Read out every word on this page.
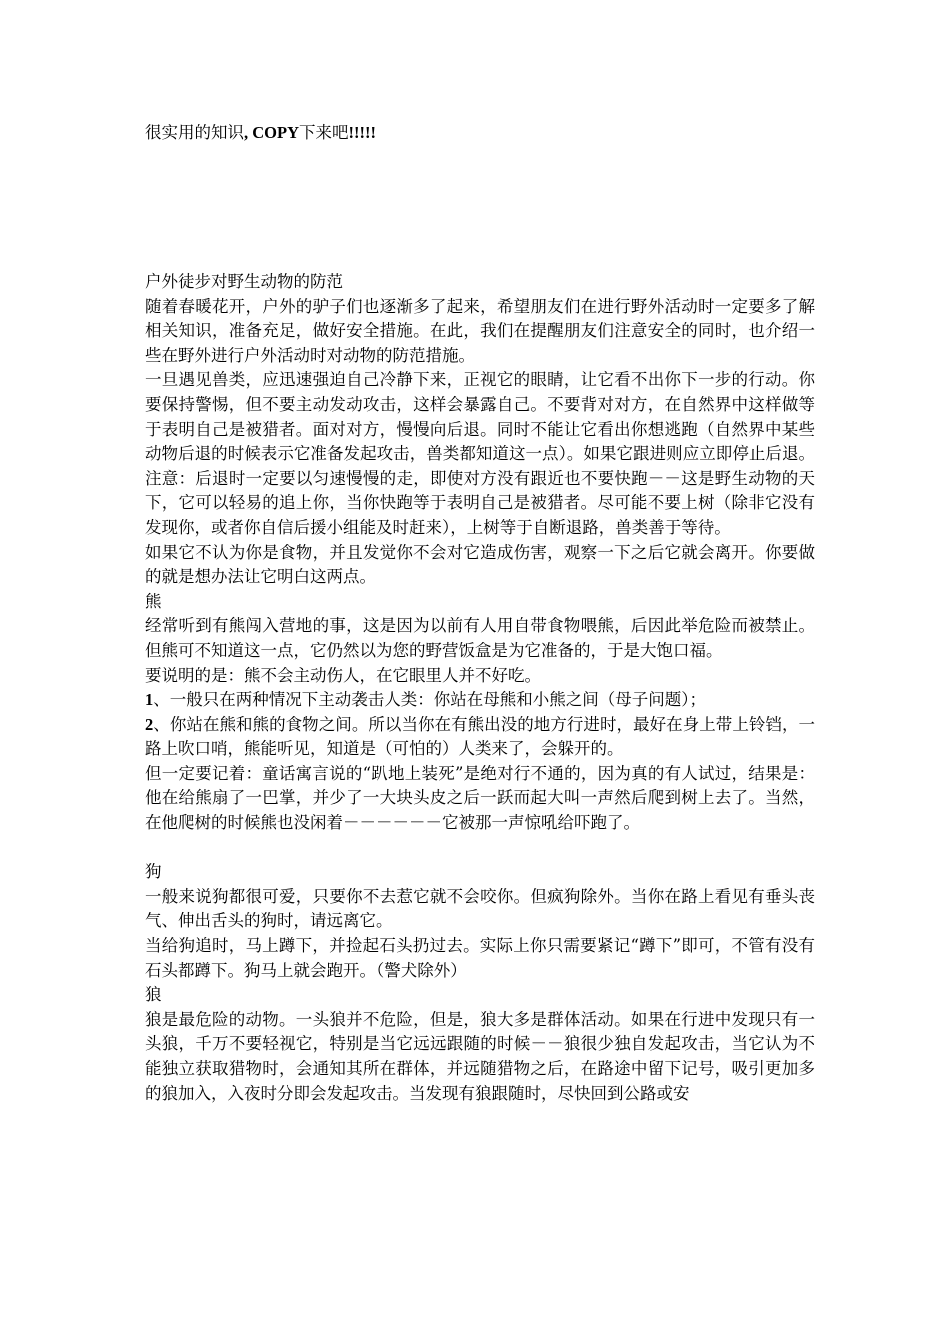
很实用的知识, COPY下来吧!!!!!

户外徒步对野生动物的防范

随着春暖花开，户外的驴子们也逐渐多了起来，希望朋友们在进行野外活动时一定要多了解相关知识，准备充足，做好安全措施。在此，我们在提醒朋友们注意安全的同时，也介绍一些在野外进行户外活动时对动物的防范措施。

一旦遇见兽类，应迅速强迫自己冷静下来，正视它的眼睛，让它看不出你下一步的行动。你要保持警惕，但不要主动发动攻击，这样会暴露自己。不要背对对方，在自然界中这样做等于表明自己是被猎者。面对对方，慢慢向后退。同时不能让它看出你想逃跑（自然界中某些动物后退的时候表示它准备发起攻击，兽类都知道这一点）。如果它跟进则应立即停止后退。注意：后退时一定要以匀速慢慢的走，即使对方没有跟近也不要快跑－－这是野生动物的天下，它可以轻易的追上你，当你快跑等于表明自己是被猎者。尽可能不要上树（除非它没有发现你，或者你自信后援小组能及时赶来），上树等于自断退路，兽类善于等待。

如果它不认为你是食物，并且发觉你不会对它造成伤害，观察一下之后它就会离开。你要做的就是想办法让它明白这两点。

熊

经常听到有熊闯入营地的事，这是因为以前有人用自带食物喂熊，后因此举危险而被禁止。但熊可不知道这一点，它仍然以为您的野营饭盒是为它准备的，于是大饱口福。

要说明的是：熊不会主动伤人，在它眼里人并不好吃。

1、一般只在两种情况下主动袭击人类：你站在母熊和小熊之间（母子问题）；

2、你站在熊和熊的食物之间。所以当你在有熊出没的地方行进时，最好在身上带上铃铛，一路上吹口哨，熊能听见，知道是（可怕的）人类来了，会躲开的。

但一定要记着：童话寓言说的“趴地上装死”是绝对行不通的，因为真的有人试过，结果是：他在给熊扇了一巴掌，并少了一大块头皮之后一跃而起大叫一声然后爬到树上去了。当然，在他爬树的时候熊也没闲着－－－－－－它被那一声惊吼给吓跑了。

狗

一般来说狗都很可爱，只要你不去惹它就不会咬你。但疯狗除外。当你在路上看见有垂头丧气、伸出舌头的狗时，请远离它。

当给狗追时，马上蹲下，并捡起石头扔过去。实际上你只需要紧记“蹲下”即可，不管有没有石头都蹲下。狗马上就会跑开。（警犬除外）

狼

狼是最危险的动物。一头狼并不危险，但是，狼大多是群体活动。如果在行进中发现只有一头狼，千万不要轻视它，特别是当它远远跟随的时候－－狼很少独自发起攻击，当它认为不能独立获取猎物时，会通知其所在群体，并远随猎物之后，在路途中留下记号，吸引更加多的狼加入，入夜时分即会发起攻击。当发现有狼跟随时，尽快回到公路或安
